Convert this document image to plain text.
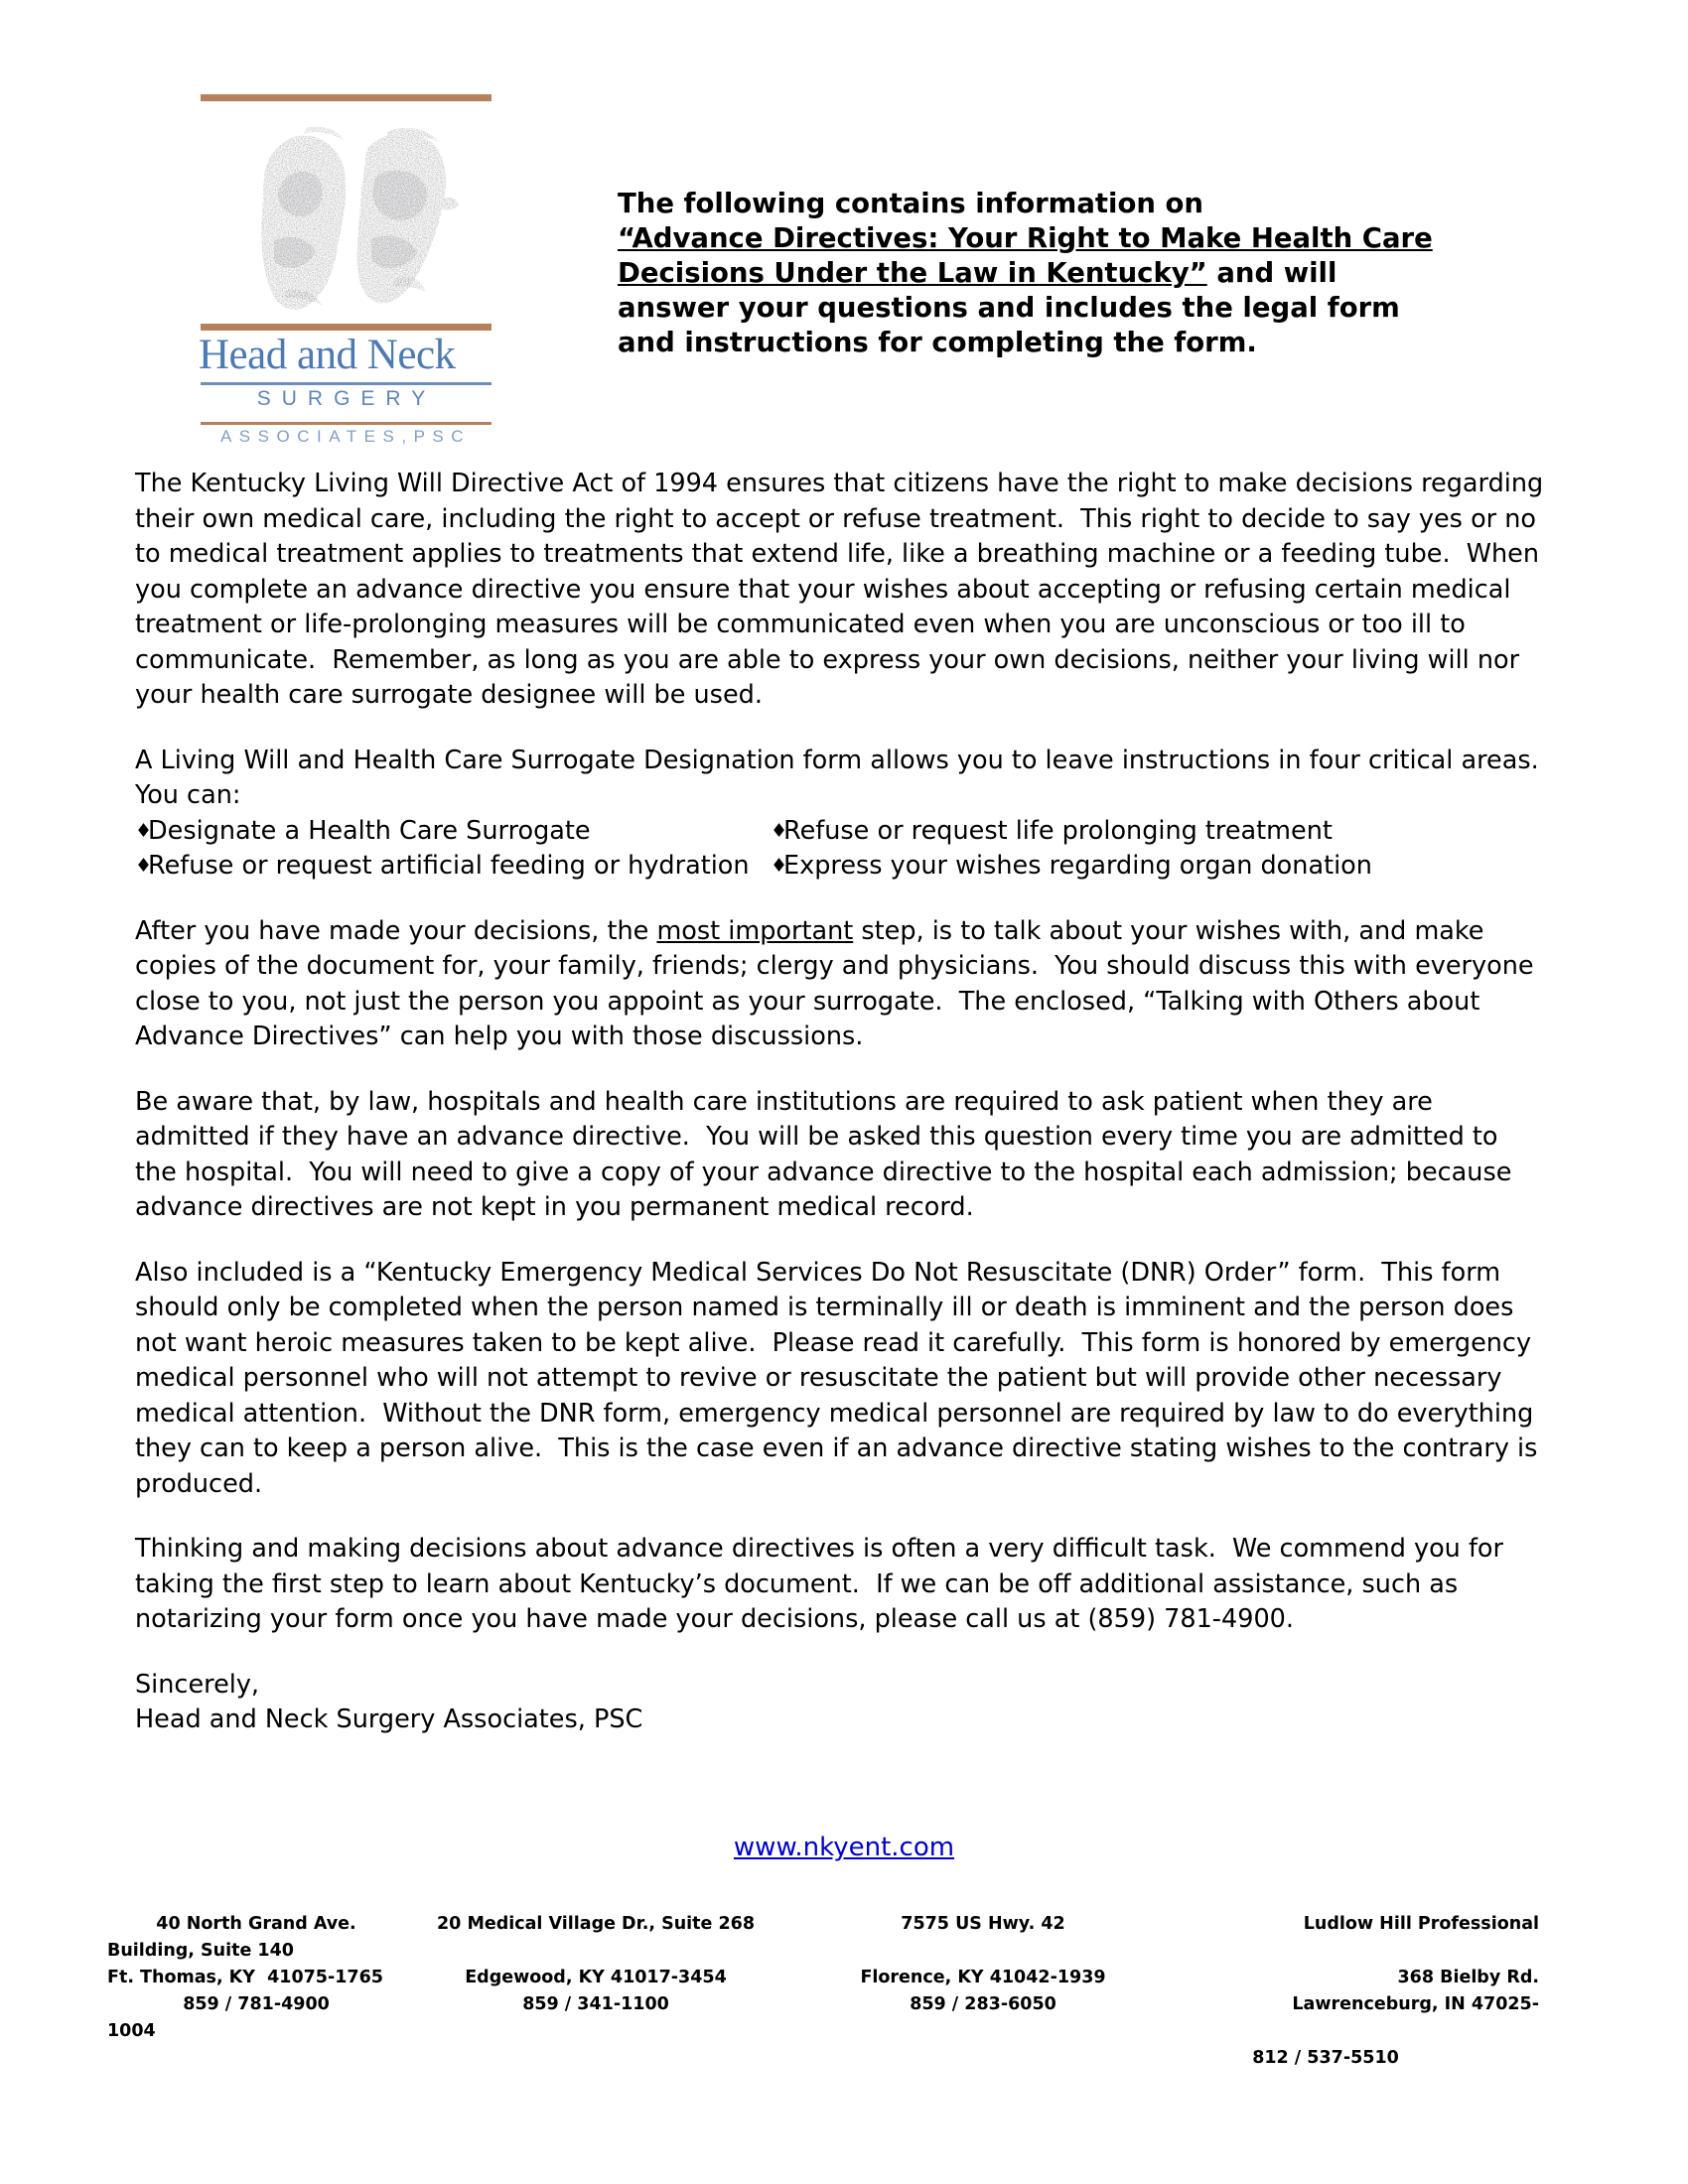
Head and Neck
SURGERY
ASSOCIATES,PSC
The following contains information on
“Advance Directives: Your Right to Make Health Care
Decisions Under the Law in Kentucky” and will
answer your questions and includes the legal form
and instructions for completing the form.

The Kentucky Living Will Directive Act of 1994 ensures that citizens have the right to make decisions regarding their own medical care, including the right to accept or refuse treatment.  This right to decide to say yes or no to medical treatment applies to treatments that extend life, like a breathing machine or a feeding tube.  When you complete an advance directive you ensure that your wishes about accepting or refusing certain medical treatment or life-prolonging measures will be communicated even when you are unconscious or too ill to communicate.  Remember, as long as you are able to express your own decisions, neither your living will nor your health care surrogate designee will be used.

A Living Will and Health Care Surrogate Designation form allows you to leave instructions in four critical areas.  You can:

♦
Designate a Health Care Surrogate	♦
Refuse or request life prolonging treatment
♦
Refuse or request artificial feeding or hydration ♦
Express your wishes regarding organ donation

After you have made your decisions, the most important step, is to talk about your wishes with, and make copies of the document for, your family, friends; clergy and physicians.  You should discuss this with everyone close to you, not just the person you appoint as your surrogate.  The enclosed, “Talking with Others about Advance Directives” can help you with those discussions.

Be aware that, by law, hospitals and health care institutions are required to ask patient when they are admitted if they have an advance directive.  You will be asked this question every time you are admitted to the hospital.  You will need to give a copy of your advance directive to the hospital each admission; because advance directives are not kept in you permanent medical record.

Also included is a “Kentucky Emergency Medical Services Do Not Resuscitate (DNR) Order” form.  This form should only be completed when the person named is terminally ill or death is imminent and the person does not want heroic measures taken to be kept alive.  Please read it carefully.  This form is honored by emergency medical personnel who will not attempt to revive or resuscitate the patient but will provide other necessary medical attention.  Without the DNR form, emergency medical personnel are required by law to do everything they can to keep a person alive.  This is the case even if an advance directive stating wishes to the contrary is produced.

Thinking and making decisions about advance directives is often a very difficult task.  We commend you for taking the first step to learn about Kentucky’s document.  If we can be off additional assistance, such as notarizing your form once you have made your decisions, please call us at (859) 781-4900.

Sincerely,

Head and Neck Surgery Associates, PSC

www.nkyent.com
40 North Grand Ave.
Building, Suite 140
Ft. Thomas, KY  41075-1765
859 / 781-4900
1004
20 Medical Village Dr., Suite 268
Edgewood, KY 41017-3454
859 / 341-1100
7575 US Hwy. 42
Florence, KY 41042-1939
859 / 283-6050
Ludlow Hill Professional
368 Bielby Rd.
Lawrenceburg, IN 47025-
812 / 537-5510
